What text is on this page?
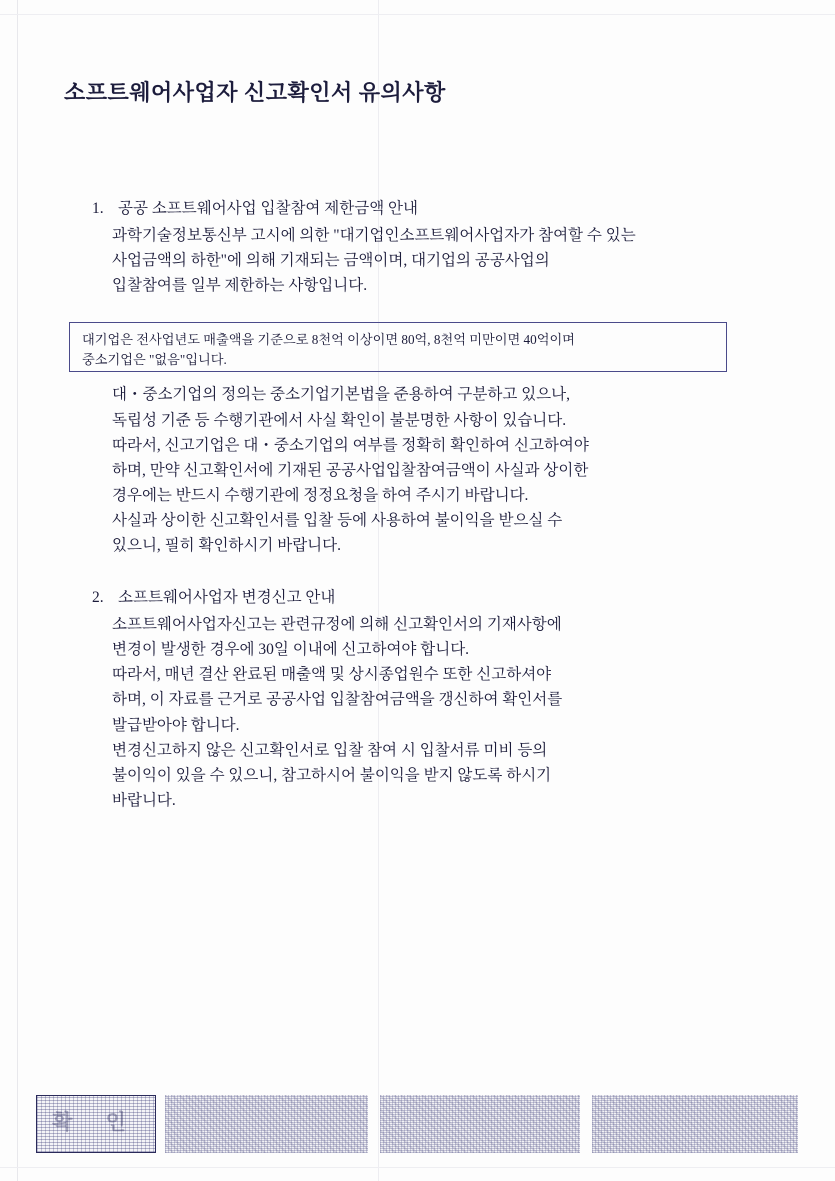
소프트웨어사업자 신고확인서 유의사항
1. 공공 소프트웨어사업 입찰참여 제한금액 안내
과학기술정보통신부 고시에 의한 "대기업인소프트웨어사업자가 참여할 수 있는
사업금액의 하한"에 의해 기재되는 금액이며, 대기업의 공공사업의
입찰참여를 일부 제한하는 사항입니다.
대・중소기업의 정의는 중소기업기본법을 준용하여 구분하고 있으나,
독립성 기준 등 수행기관에서 사실 확인이 불분명한 사항이 있습니다.
따라서, 신고기업은 대・중소기업의 여부를 정확히 확인하여 신고하여야
하며, 만약 신고확인서에 기재된 공공사업입찰참여금액이 사실과 상이한
경우에는 반드시 수행기관에 정정요청을 하여 주시기 바랍니다.
사실과 상이한 신고확인서를 입찰 등에 사용하여 불이익을 받으실 수
있으니, 필히 확인하시기 바랍니다.
대기업은 전사업년도 매출액을 기준으로 8천억 이상이면 80억, 8천억 미만이면 40억이며
중소기업은 "없음"입니다.
2. 소프트웨어사업자 변경신고 안내
소프트웨어사업자신고는 관련규정에 의해 신고확인서의 기재사항에
변경이 발생한 경우에 30일 이내에 신고하여야 합니다.
따라서, 매년 결산 완료된 매출액 및 상시종업원수 또한 신고하셔야
하며, 이 자료를 근거로 공공사업 입찰참여금액을 갱신하여 확인서를
발급받아야 합니다.
변경신고하지 않은 신고확인서로 입찰 참여 시 입찰서류 미비 등의
불이익이 있을 수 있으니, 참고하시어 불이익을 받지 않도록 하시기
바랍니다.
확 인
